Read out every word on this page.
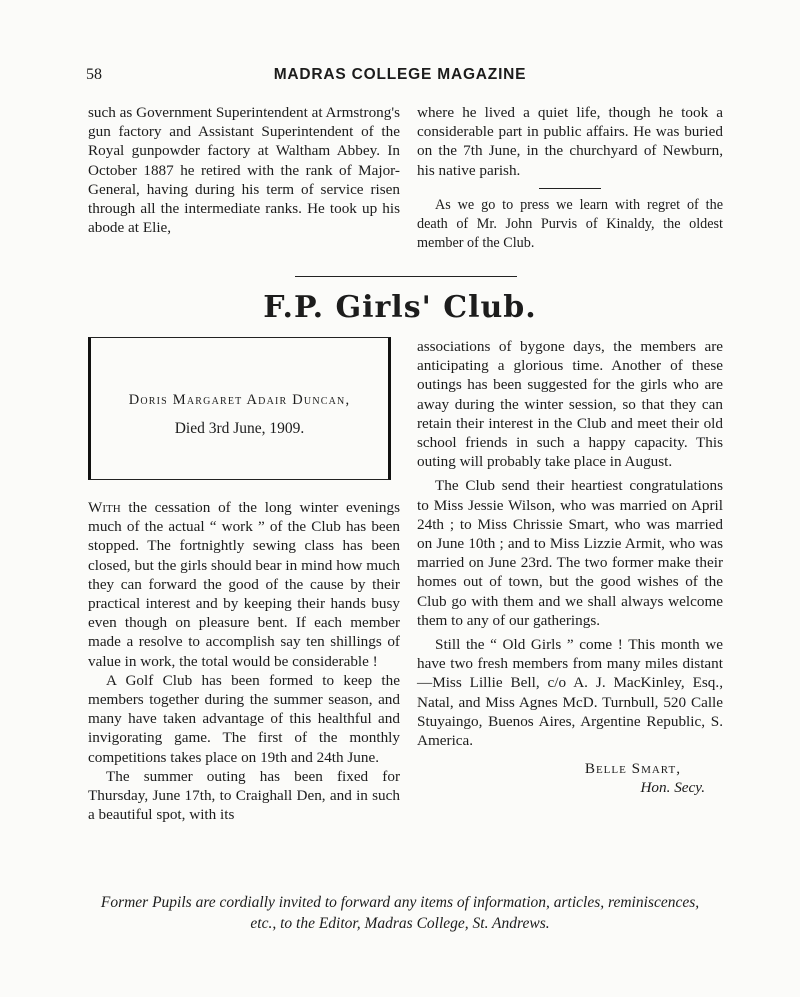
58	MADRAS COLLEGE MAGAZINE

such as Government Superintendent at Armstrong's gun factory and Assistant Superintendent of the Royal gunpowder factory at Waltham Abbey. In October 1887 he retired with the rank of Major-General, having during his term of service risen through all the intermediate ranks. He took up his abode at Elie,

where he lived a quiet life, though he took a considerable part in public affairs. He was buried on the 7th June, in the churchyard of Newburn, his native parish.

As we go to press we learn with regret of the death of Mr. John Purvis of Kinaldy, the oldest member of the Club.

F.P. Girls' Club.
Doris Margaret Adair Duncan,
Died 3rd June, 1909.

With the cessation of the long winter evenings much of the actual “ work ” of the Club has been stopped. The fortnightly sewing class has been closed, but the girls should bear in mind how much they can forward the good of the cause by their practical interest and by keeping their hands busy even though on pleasure bent. If each member made a resolve to accomplish say ten shillings of value in work, the total would be considerable !

A Golf Club has been formed to keep the members together during the summer season, and many have taken advantage of this healthful and invigorating game. The first of the monthly competitions takes place on 19th and 24th June.

The summer outing has been fixed for Thursday, June 17th, to Craighall Den, and in such a beautiful spot, with its

associations of bygone days, the members are anticipating a glorious time. Another of these outings has been suggested for the girls who are away during the winter session, so that they can retain their interest in the Club and meet their old school friends in such a happy capacity. This outing will probably take place in August.

The Club send their heartiest congratulations to Miss Jessie Wilson, who was married on April 24th ; to Miss Chrissie Smart, who was married on June 10th ; and to Miss Lizzie Armit, who was married on June 23rd. The two former make their homes out of town, but the good wishes of the Club go with them and we shall always welcome them to any of our gatherings.

Still the “ Old Girls ” come ! This month we have two fresh members from many miles distant—Miss Lillie Bell, c/o A. J. MacKinley, Esq., Natal, and Miss Agnes McD. Turnbull, 520 Calle Stuyaingo, Buenos Aires, Argentine Republic, S. America.

Belle Smart,
Hon. Secy.
Former Pupils are cordially invited to forward any items of information, articles, reminiscences, etc., to the Editor, Madras College, St. Andrews.
